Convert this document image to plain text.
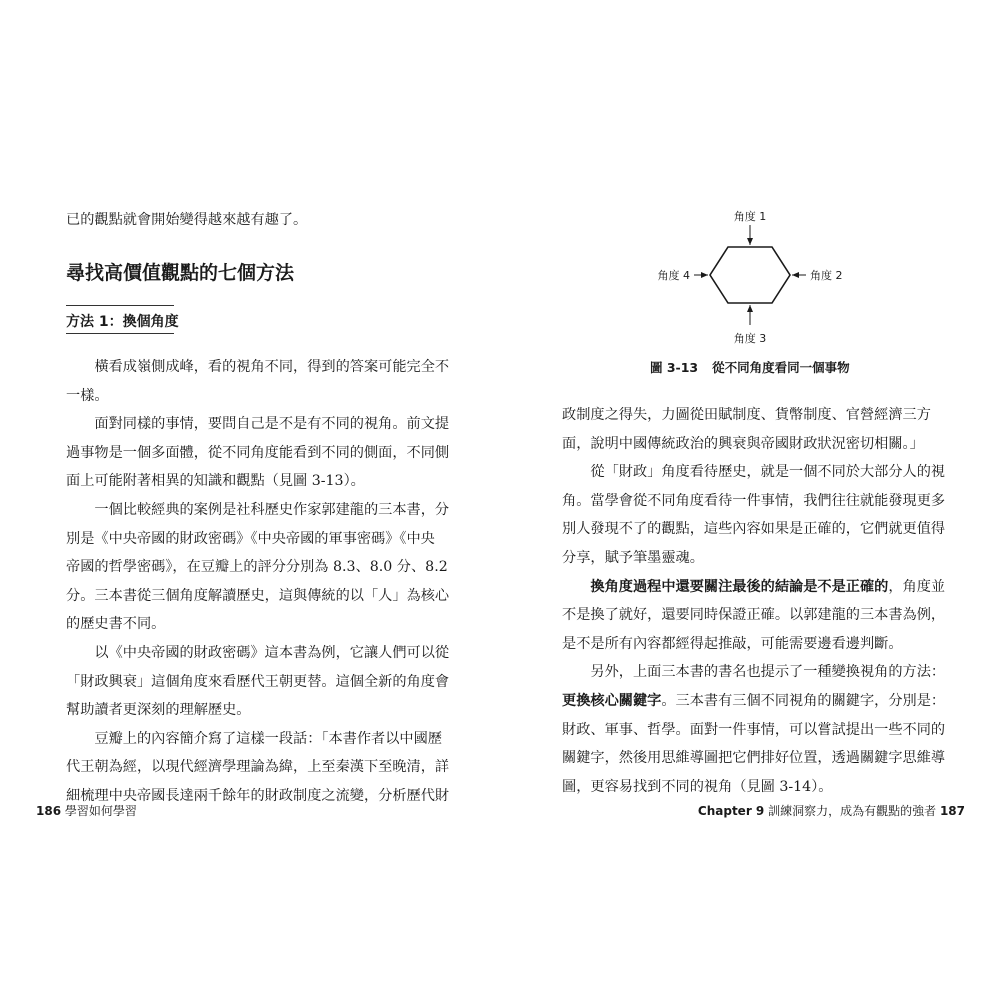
已的觀點就會開始變得越來越有趣了。

尋找高價值觀點的七個方法
方法 1：換個角度

　　橫看成嶺側成峰，看的視角不同，得到的答案可能完全不

一樣。

　　面對同樣的事情，要問自己是不是有不同的視角。前文提

過事物是一個多面體，從不同角度能看到不同的側面，不同側

面上可能附著相異的知識和觀點（見圖 3-13）。

　　一個比較經典的案例是社科歷史作家郭建龍的三本書，分

別是《中央帝國的財政密碼》《中央帝國的軍事密碼》《中央

帝國的哲學密碼》，在豆瓣上的評分分別為 8.3、8.0 分、8.2

分。三本書從三個角度解讀歷史，這與傳統的以「人」為核心

的歷史書不同。

　　以《中央帝國的財政密碼》這本書為例，它讓人們可以從

「財政興衰」這個角度來看歷代王朝更替。這個全新的角度會

幫助讀者更深刻的理解歷史。

　　豆瓣上的內容簡介寫了這樣一段話：「本書作者以中國歷

代王朝為經，以現代經濟學理論為緯，上至秦漢下至晚清，詳

細梳理中央帝國長達兩千餘年的財政制度之流變，分析歷代財

186 學習如何學習
角度 1
角度 2
角度 3
角度 4
圖 3-13 從不同角度看同一個事物

政制度之得失，力圖從田賦制度、貨幣制度、官營經濟三方

面，說明中國傳統政治的興衰與帝國財政狀況密切相關。」

　　從「財政」角度看待歷史，就是一個不同於大部分人的視

角。當學會從不同角度看待一件事情，我們往往就能發現更多

別人發現不了的觀點，這些內容如果是正確的，它們就更值得

分享，賦予筆墨靈魂。

　　換角度過程中還要關注最後的結論是不是正確的，角度並

不是換了就好，還要同時保證正確。以郭建龍的三本書為例，

是不是所有內容都經得起推敲，可能需要邊看邊判斷。

　　另外，上面三本書的書名也提示了一種變換視角的方法：

更換核心關鍵字。三本書有三個不同視角的關鍵字，分別是：

財政、軍事、哲學。面對一件事情，可以嘗試提出一些不同的

關鍵字，然後用思維導圖把它們排好位置，透過關鍵字思維導

圖，更容易找到不同的視角（見圖 3-14）。

Chapter 9 訓練洞察力，成為有觀點的強者 187
